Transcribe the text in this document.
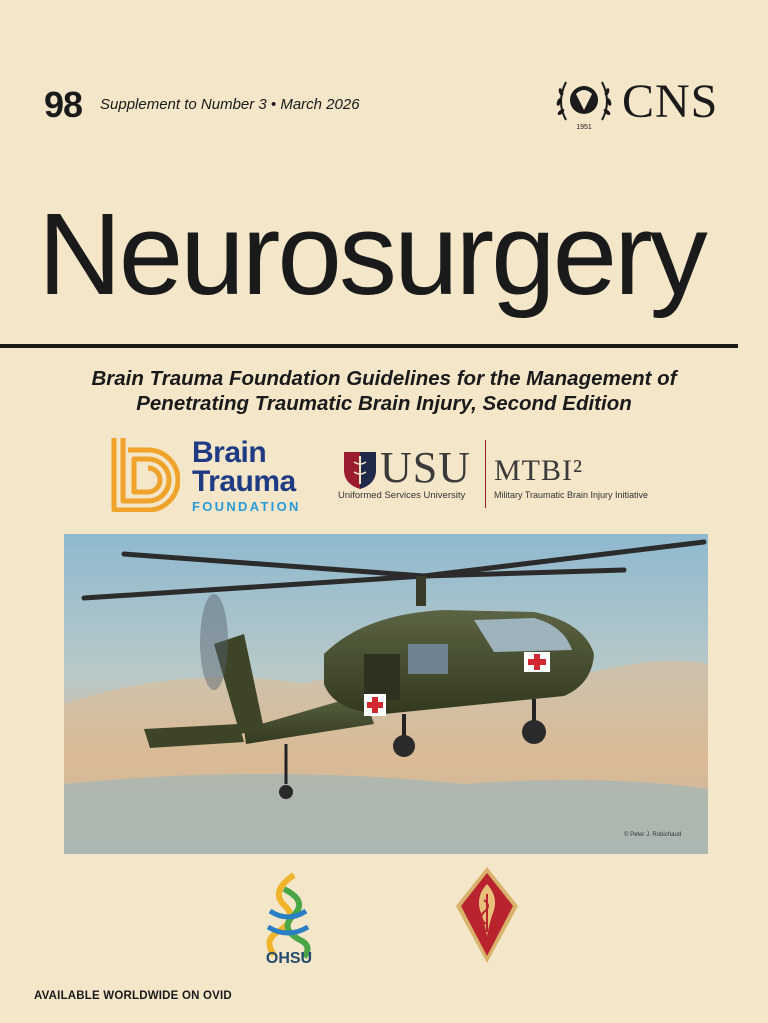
98 Supplement to Number 3 • March 2026
1951 CNS
Neurosurgery
Brain Trauma Foundation Guidelines for the Management of
Penetrating Traumatic Brain Injury, Second Edition
Brain
Trauma
FOUNDATION
USU
Uniformed Services University
MTBI²
Military Traumatic Brain Injury Initiative
© Peter J. Robichaud
OHSU
AVAILABLE WORLDWIDE ON OVID
